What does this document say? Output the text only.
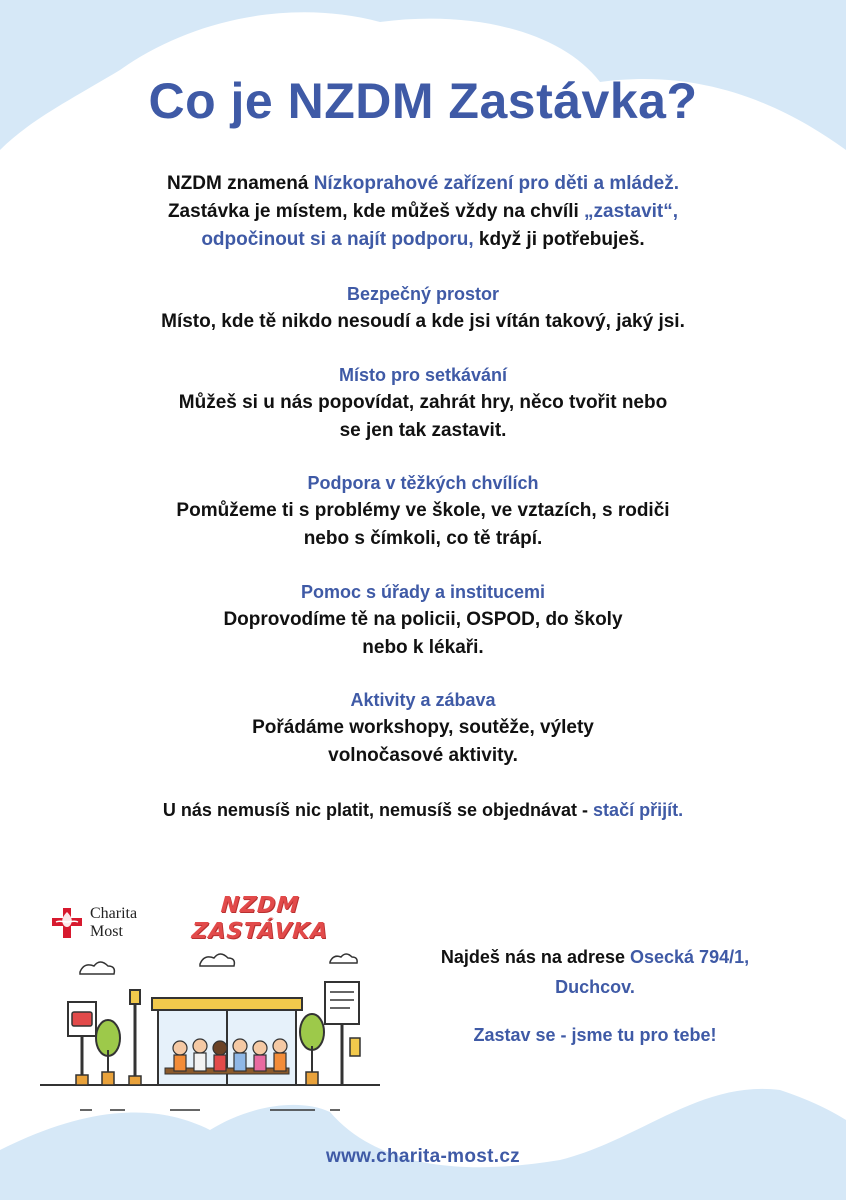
Co je NZDM Zastávka?

NZDM znamená Nízkoprahové zařízení pro děti a mládež.
Zastávka je místem, kde můžeš vždy na chvíli „zastavit“,
odpočinout si a najít podporu, když ji potřebuješ.

Bezpečný prostor
Místo, kde tě nikdo nesoudí a kde jsi vítán takový, jaký jsi.
Místo pro setkávání
Můžeš si u nás popovídat, zahrát hry, něco tvořit nebo
se jen tak zastavit.
Podpora v těžkých chvílích
Pomůžeme ti s problémy ve škole, ve vztazích, s rodiči
nebo s čímkoli, co tě trápí.
Pomoc s úřady a institucemi
Doprovodíme tě na policii, OSPOD, do školy
nebo k lékaři.
Aktivity a zábava
Pořádáme workshopy, soutěže, výlety
volnočasové aktivity.

U nás nemusíš nic platit, nemusíš se objednávat - stačí přijít.

Charita
Most
NZDM
ZASTÁVKA

Najdeš nás na adrese Osecká 794/1,
Duchcov.

Zastav se - jsme tu pro tebe!

www.charita-most.cz
